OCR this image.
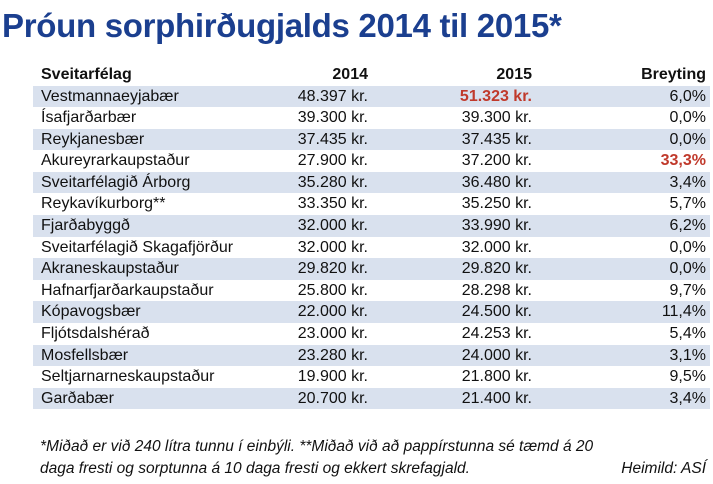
Próun sorphirðugjalds 2014 til 2015*
Sveitarfélag	2014	2015	Breyting
Vestmannaeyjabær	48.397 kr.	51.323 kr.	6,0%
Ísafjarðarbær	39.300 kr.	39.300 kr.	0,0%
Reykjanesbær	37.435 kr.	37.435 kr.	0,0%
Akureyrarkaupstaður	27.900 kr.	37.200 kr.	33,3%
Sveitarfélagið Árborg	35.280 kr.	36.480 kr.	3,4%
Reykavíkurborg**	33.350 kr.	35.250 kr.	5,7%
Fjarðabyggð	32.000 kr.	33.990 kr.	6,2%
Sveitarfélagið Skagafjörður	32.000 kr.	32.000 kr.	0,0%
Akraneskaupstaður	29.820 kr.	29.820 kr.	0,0%
Hafnarfjarðarkaupstaður	25.800 kr.	28.298 kr.	9,7%
Kópavogsbær	22.000 kr.	24.500 kr.	11,4%
Fljótsdalshérað	23.000 kr.	24.253 kr.	5,4%
Mosfellsbær	23.280 kr.	24.000 kr.	3,1%
Seltjarnarneskaupstaður	19.900 kr.	21.800 kr.	9,5%
Garðabær	20.700 kr.	21.400 kr.	3,4%
*Miðað er við 240 lítra tunnu í einbýli. **Miðað við að pappírstunna sé tæmd á 20
daga fresti og sorptunna á 10 daga fresti og ekkert skrefagjald.	Heimild: ASÍ
